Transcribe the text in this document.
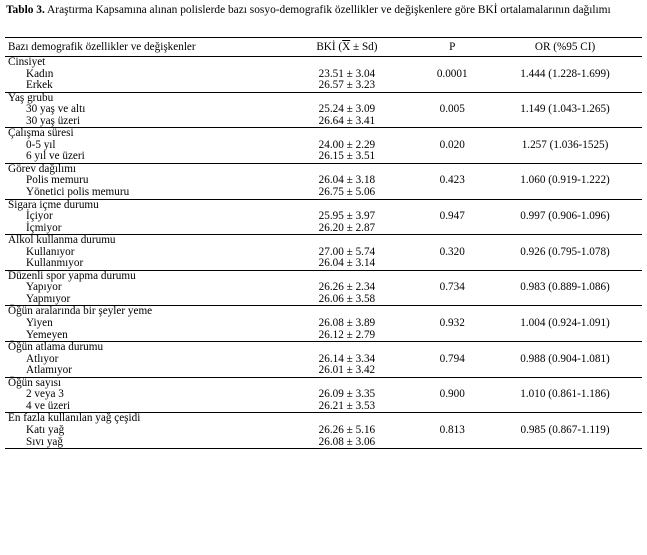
Tablo 3. Araştırma Kapsamına alınan polislerde bazı sosyo-demografik özellikler ve değişkenlere göre BKİ ortalamalarının dağılımı
Bazı demografik özellikler ve değişkenler	BKİ $(\overline{X} \pm Sd)$	P	OR (%95 CI)
Cinsiyet			
Kadın	23.51 ± 3.04	0.0001	1.444 (1.228-1.699)
Erkek	26.57 ± 3.23		
Yaş grubu			
30 yaş ve altı	25.24 ± 3.09	0.005	1.149 (1.043-1.265)
30 yaş üzeri	26.64 ± 3.41		
Çalışma süresi			
0-5 yıl	24.00 ± 2.29	0.020	1.257 (1.036-1525)
6 yıl ve üzeri	26.15 ± 3.51		
Görev dağılımı			
Polis memuru	26.04 ± 3.18	0.423	1.060 (0.919-1.222)
Yönetici polis memuru	26.75 ± 5.06		
Sigara içme durumu			
İçiyor	25.95 ± 3.97	0.947	0.997 (0.906-1.096)
İçmiyor	26.20 ± 2.87		
Alkol kullanma durumu			
Kullanıyor	27.00 ± 5.74	0.320	0.926 (0.795-1.078)
Kullanmıyor	26.04 ± 3.14		
Düzenli spor yapma durumu			
Yapıyor	26.26 ± 2.34	0.734	0.983 (0.889-1.086)
Yapmıyor	26.06 ± 3.58		
Öğün aralarında bir şeyler yeme			
Yiyen	26.08 ± 3.89	0.932	1.004 (0.924-1.091)
Yemeyen	26.12 ± 2.79		
Öğün atlama durumu			
Atlıyor	26.14 ± 3.34	0.794	0.988 (0.904-1.081)
Atlamıyor	26.01 ± 3.42		
Öğün sayısı			
2 veya 3	26.09 ± 3.35	0.900	1.010 (0.861-1.186)
4 ve üzeri	26.21 ± 3.53		
En fazla kullanılan yağ çeşidi			
Katı yağ	26.26 ± 5.16	0.813	0.985 (0.867-1.119)
Sıvı yağ	26.08 ± 3.06		
